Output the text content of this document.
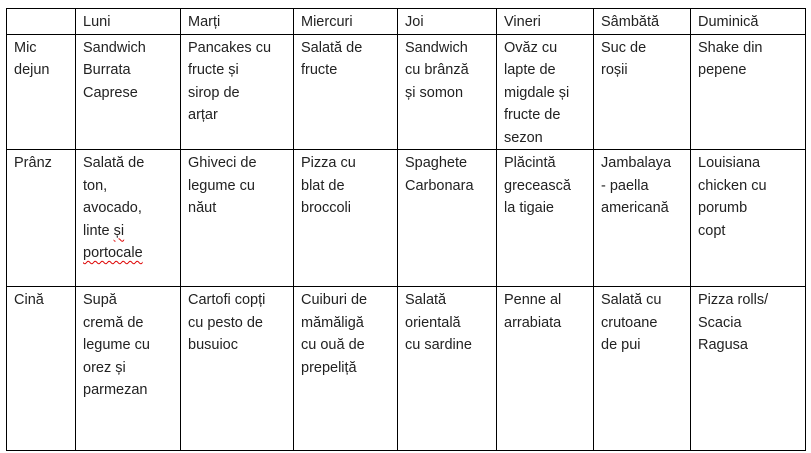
	Luni	Marți	Miercuri	Joi	Vineri	Sâmbătă	Duminică

Mic
dejun	Sandwich
Burrata
Caprese	Pancakes cu
fructe și
sirop de
arțar	Salată de
fructe	Sandwich
cu brânză
și somon	Ovăz cu
lapte de
migdale și
fructe de
sezon	Suc de
roșii	Shake din
pepene

Prânz	Salată de
ton,
avocado,
linte și
portocale	Ghiveci de
legume cu
năut	Pizza cu
blat de
broccoli	Spaghete
Carbonara	Plăcintă
grecească
la tigaie	Jambalaya
- paella
americană	Louisiana
chicken cu
porumb
copt

Cină	Supă
cremă de
legume cu
orez și
parmezan	Cartofi copți
cu pesto de
busuioc	Cuiburi de
mămăligă
cu ouă de
prepeliță	Salată
orientală
cu sardine	Penne al
arrabiata	Salată cu
crutoane
de pui	Pizza rolls/
Scacia
Ragusa
